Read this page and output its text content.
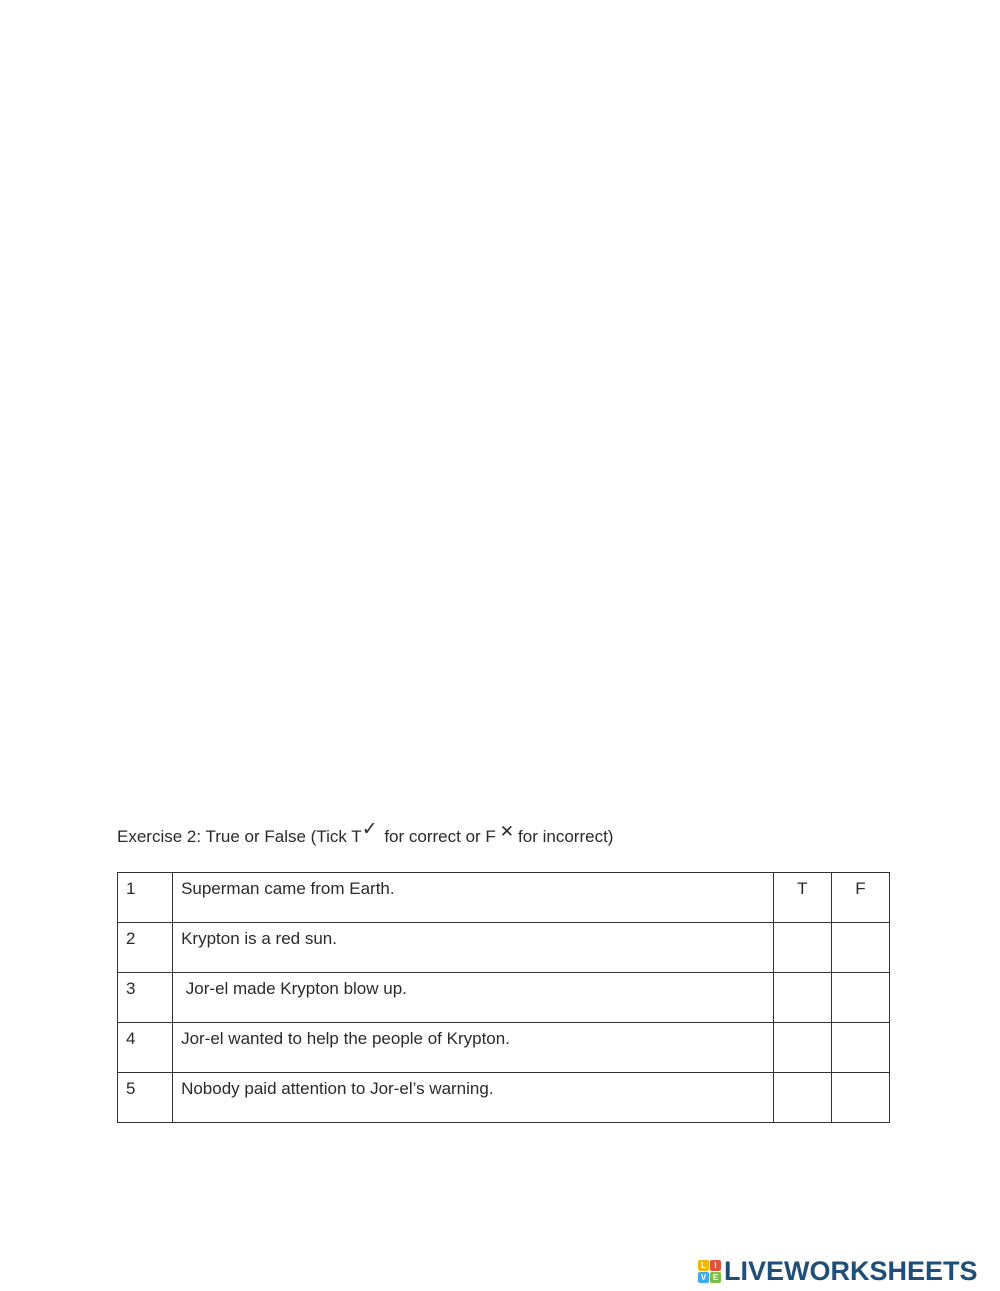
Exercise 2: True or False (Tick T✓ for correct or F ✕ for incorrect)
1	Superman came from Earth.	T	F
2	Krypton is a red sun.		
3	Jor-el made Krypton blow up.		
4	Jor-el wanted to help the people of Krypton.		
5	Nobody paid attention to Jor-el’s warning.		
L	I
V E LIVEWORKSHEETS
